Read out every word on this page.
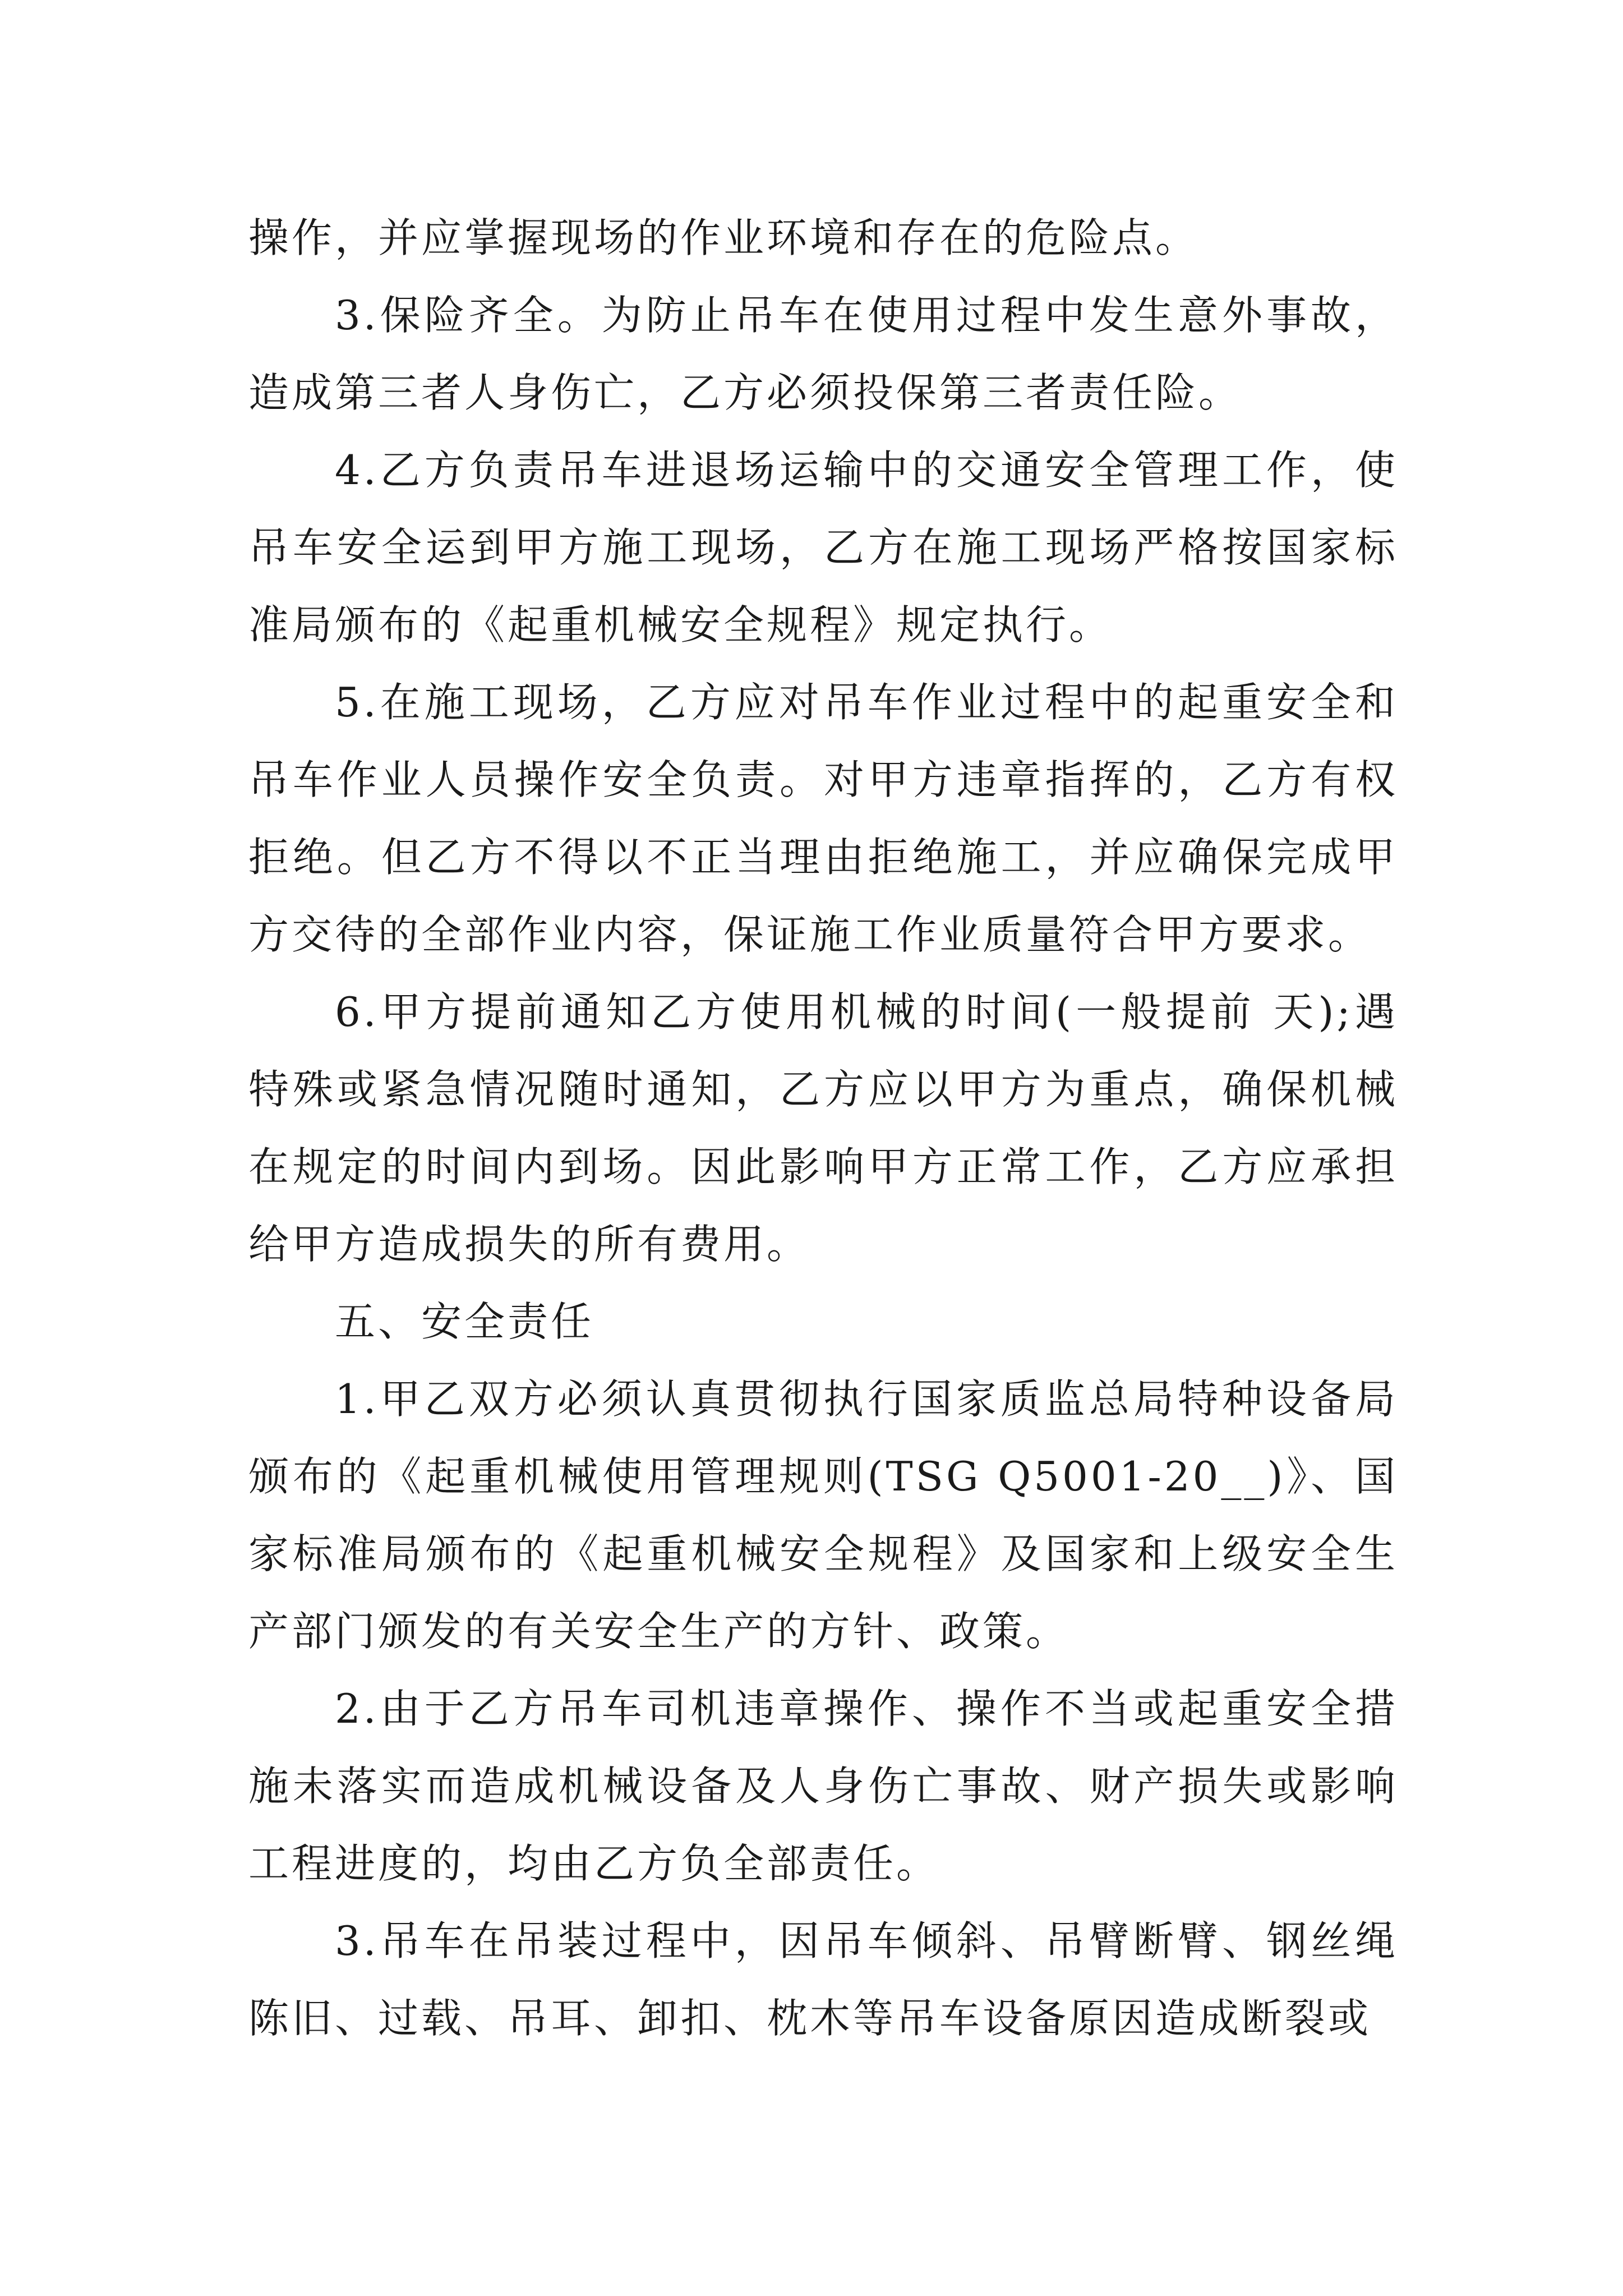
操作，并应掌握现场的作业环境和存在的危险点。

3.保险齐全。为防止吊车在使用过程中发生意外事故，造成第三者人身伤亡，乙方必须投保第三者责任险。

4.乙方负责吊车进退场运输中的交通安全管理工作，使吊车安全运到甲方施工现场，乙方在施工现场严格按国家标准局颁布的《起重机械安全规程》规定执行。

5.在施工现场，乙方应对吊车作业过程中的起重安全和吊车作业人员操作安全负责。对甲方违章指挥的，乙方有权拒绝。但乙方不得以不正当理由拒绝施工，并应确保完成甲方交待的全部作业内容，保证施工作业质量符合甲方要求。

6.甲方提前通知乙方使用机械的时间(一般提前 天);遇特殊或紧急情况随时通知，乙方应以甲方为重点，确保机械在规定的时间内到场。因此影响甲方正常工作，乙方应承担给甲方造成损失的所有费用。

五、安全责任

1.甲乙双方必须认真贯彻执行国家质监总局特种设备局颁布的《起重机械使用管理规则(TSG Q5001-20__)》、国家标准局颁布的《起重机械安全规程》及国家和上级安全生产部门颁发的有关安全生产的方针、政策。

2.由于乙方吊车司机违章操作、操作不当或起重安全措施未落实而造成机械设备及人身伤亡事故、财产损失或影响工程进度的，均由乙方负全部责任。

3.吊车在吊装过程中，因吊车倾斜、吊臂断臂、钢丝绳陈旧、过载、吊耳、卸扣、枕木等吊车设备原因造成断裂或
